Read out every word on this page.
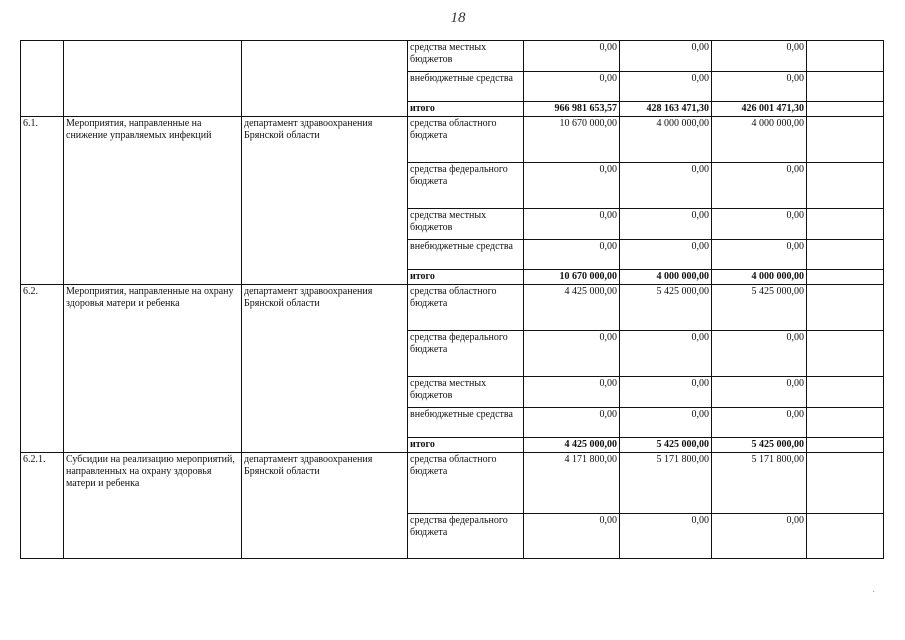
18
			средства местных бюджетов	0,00	0,00	0,00	
			внебюджетные средства	0,00	0,00	0,00	
			итого	966 981 653,57	428 163 471,30	426 001 471,30	
6.1.	Мероприятия, направленные на снижение управляемых инфекций	департамент здравоохранения Брянской области	средства областного бюджета	10 670 000,00	4 000 000,00	4 000 000,00	
			средства федерального бюджета	0,00	0,00	0,00	
			средства местных бюджетов	0,00	0,00	0,00	
			внебюджетные средства	0,00	0,00	0,00	
			итого	10 670 000,00	4 000 000,00	4 000 000,00	
6.2.	Мероприятия, направленные на охрану здоровья матери и ребенка	департамент здравоохранения Брянской области	средства областного бюджета	4 425 000,00	5 425 000,00	5 425 000,00	
			средства федерального бюджета	0,00	0,00	0,00	
			средства местных бюджетов	0,00	0,00	0,00	
			внебюджетные средства	0,00	0,00	0,00	
			итого	4 425 000,00	5 425 000,00	5 425 000,00	
6.2.1.	Субсидии на реализацию мероприятий, направленных на охрану здоровья матери и ребенка	департамент здравоохранения Брянской области	средства областного бюджета	4 171 800,00	5 171 800,00	5 171 800,00	
			средства федерального бюджета	0,00	0,00	0,00	
·
